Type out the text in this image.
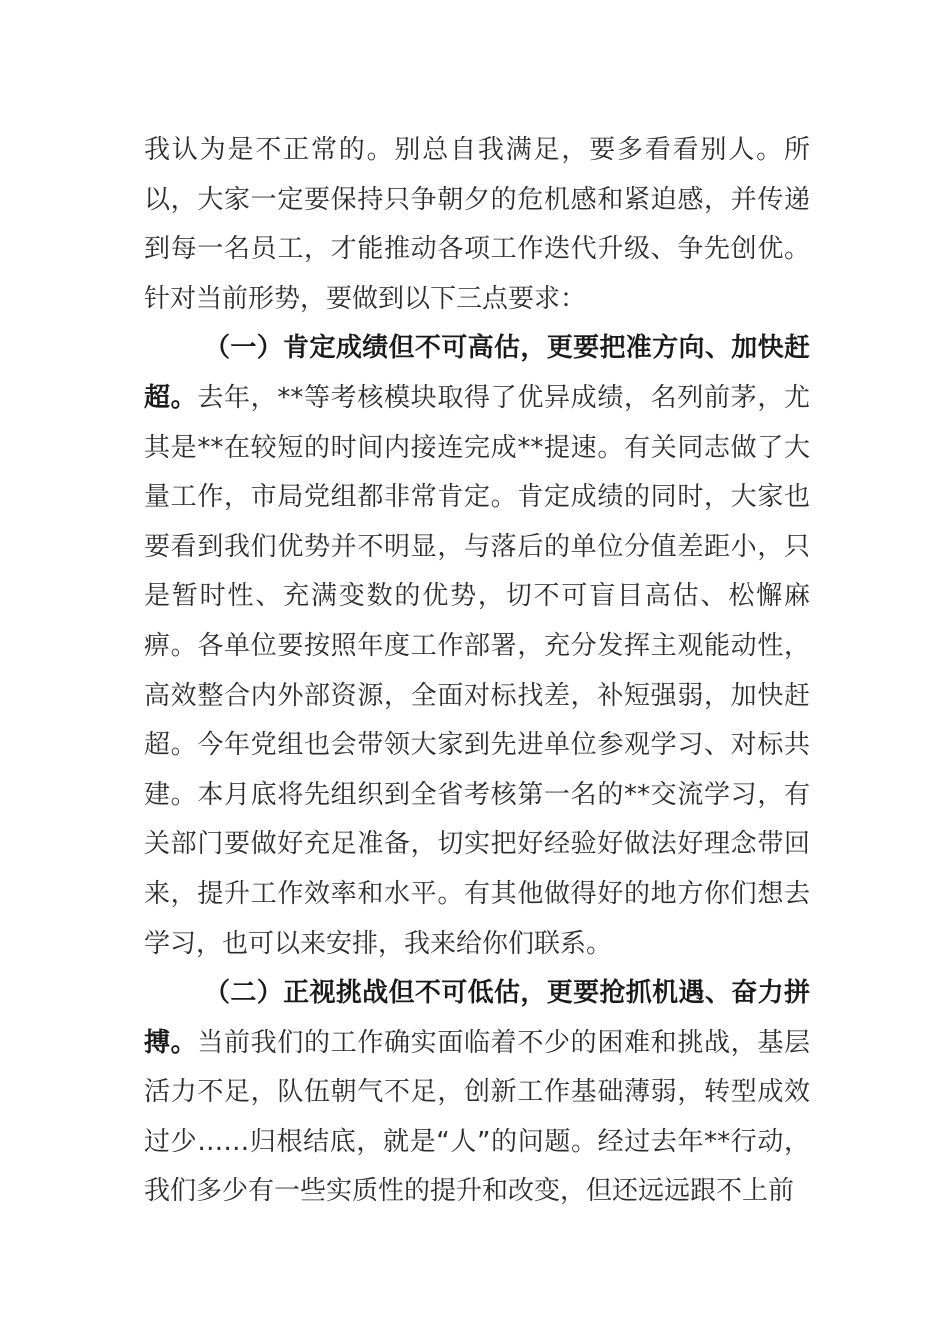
我认为是不正常的。别总自我满足，要多看看别人。所以，大家一定要保持只争朝夕的危机感和紧迫感，并传递到每一名员工，才能推动各项工作迭代升级、争先创优。针对当前形势，要做到以下三点要求：

（一）肯定成绩但不可高估，更要把准方向、加快赶超。去年，**等考核模块取得了优异成绩，名列前茅，尤其是**在较短的时间内接连完成**提速。有关同志做了大量工作，市局党组都非常肯定。肯定成绩的同时，大家也要看到我们优势并不明显，与落后的单位分值差距小，只是暂时性、充满变数的优势，切不可盲目高估、松懈麻痹。各单位要按照年度工作部署，充分发挥主观能动性，高效整合内外部资源，全面对标找差，补短强弱，加快赶超。今年党组也会带领大家到先进单位参观学习、对标共建。本月底将先组织到全省考核第一名的**交流学习，有关部门要做好充足准备，切实把好经验好做法好理念带回来，提升工作效率和水平。有其他做得好的地方你们想去学习，也可以来安排，我来给你们联系。

（二）正视挑战但不可低估，更要抢抓机遇、奋力拼搏。当前我们的工作确实面临着不少的困难和挑战，基层活力不足，队伍朝气不足，创新工作基础薄弱，转型成效过少……归根结底，就是“人”的问题。经过去年**行动，我们多少有一些实质性的提升和改变，但还远远跟不上前
